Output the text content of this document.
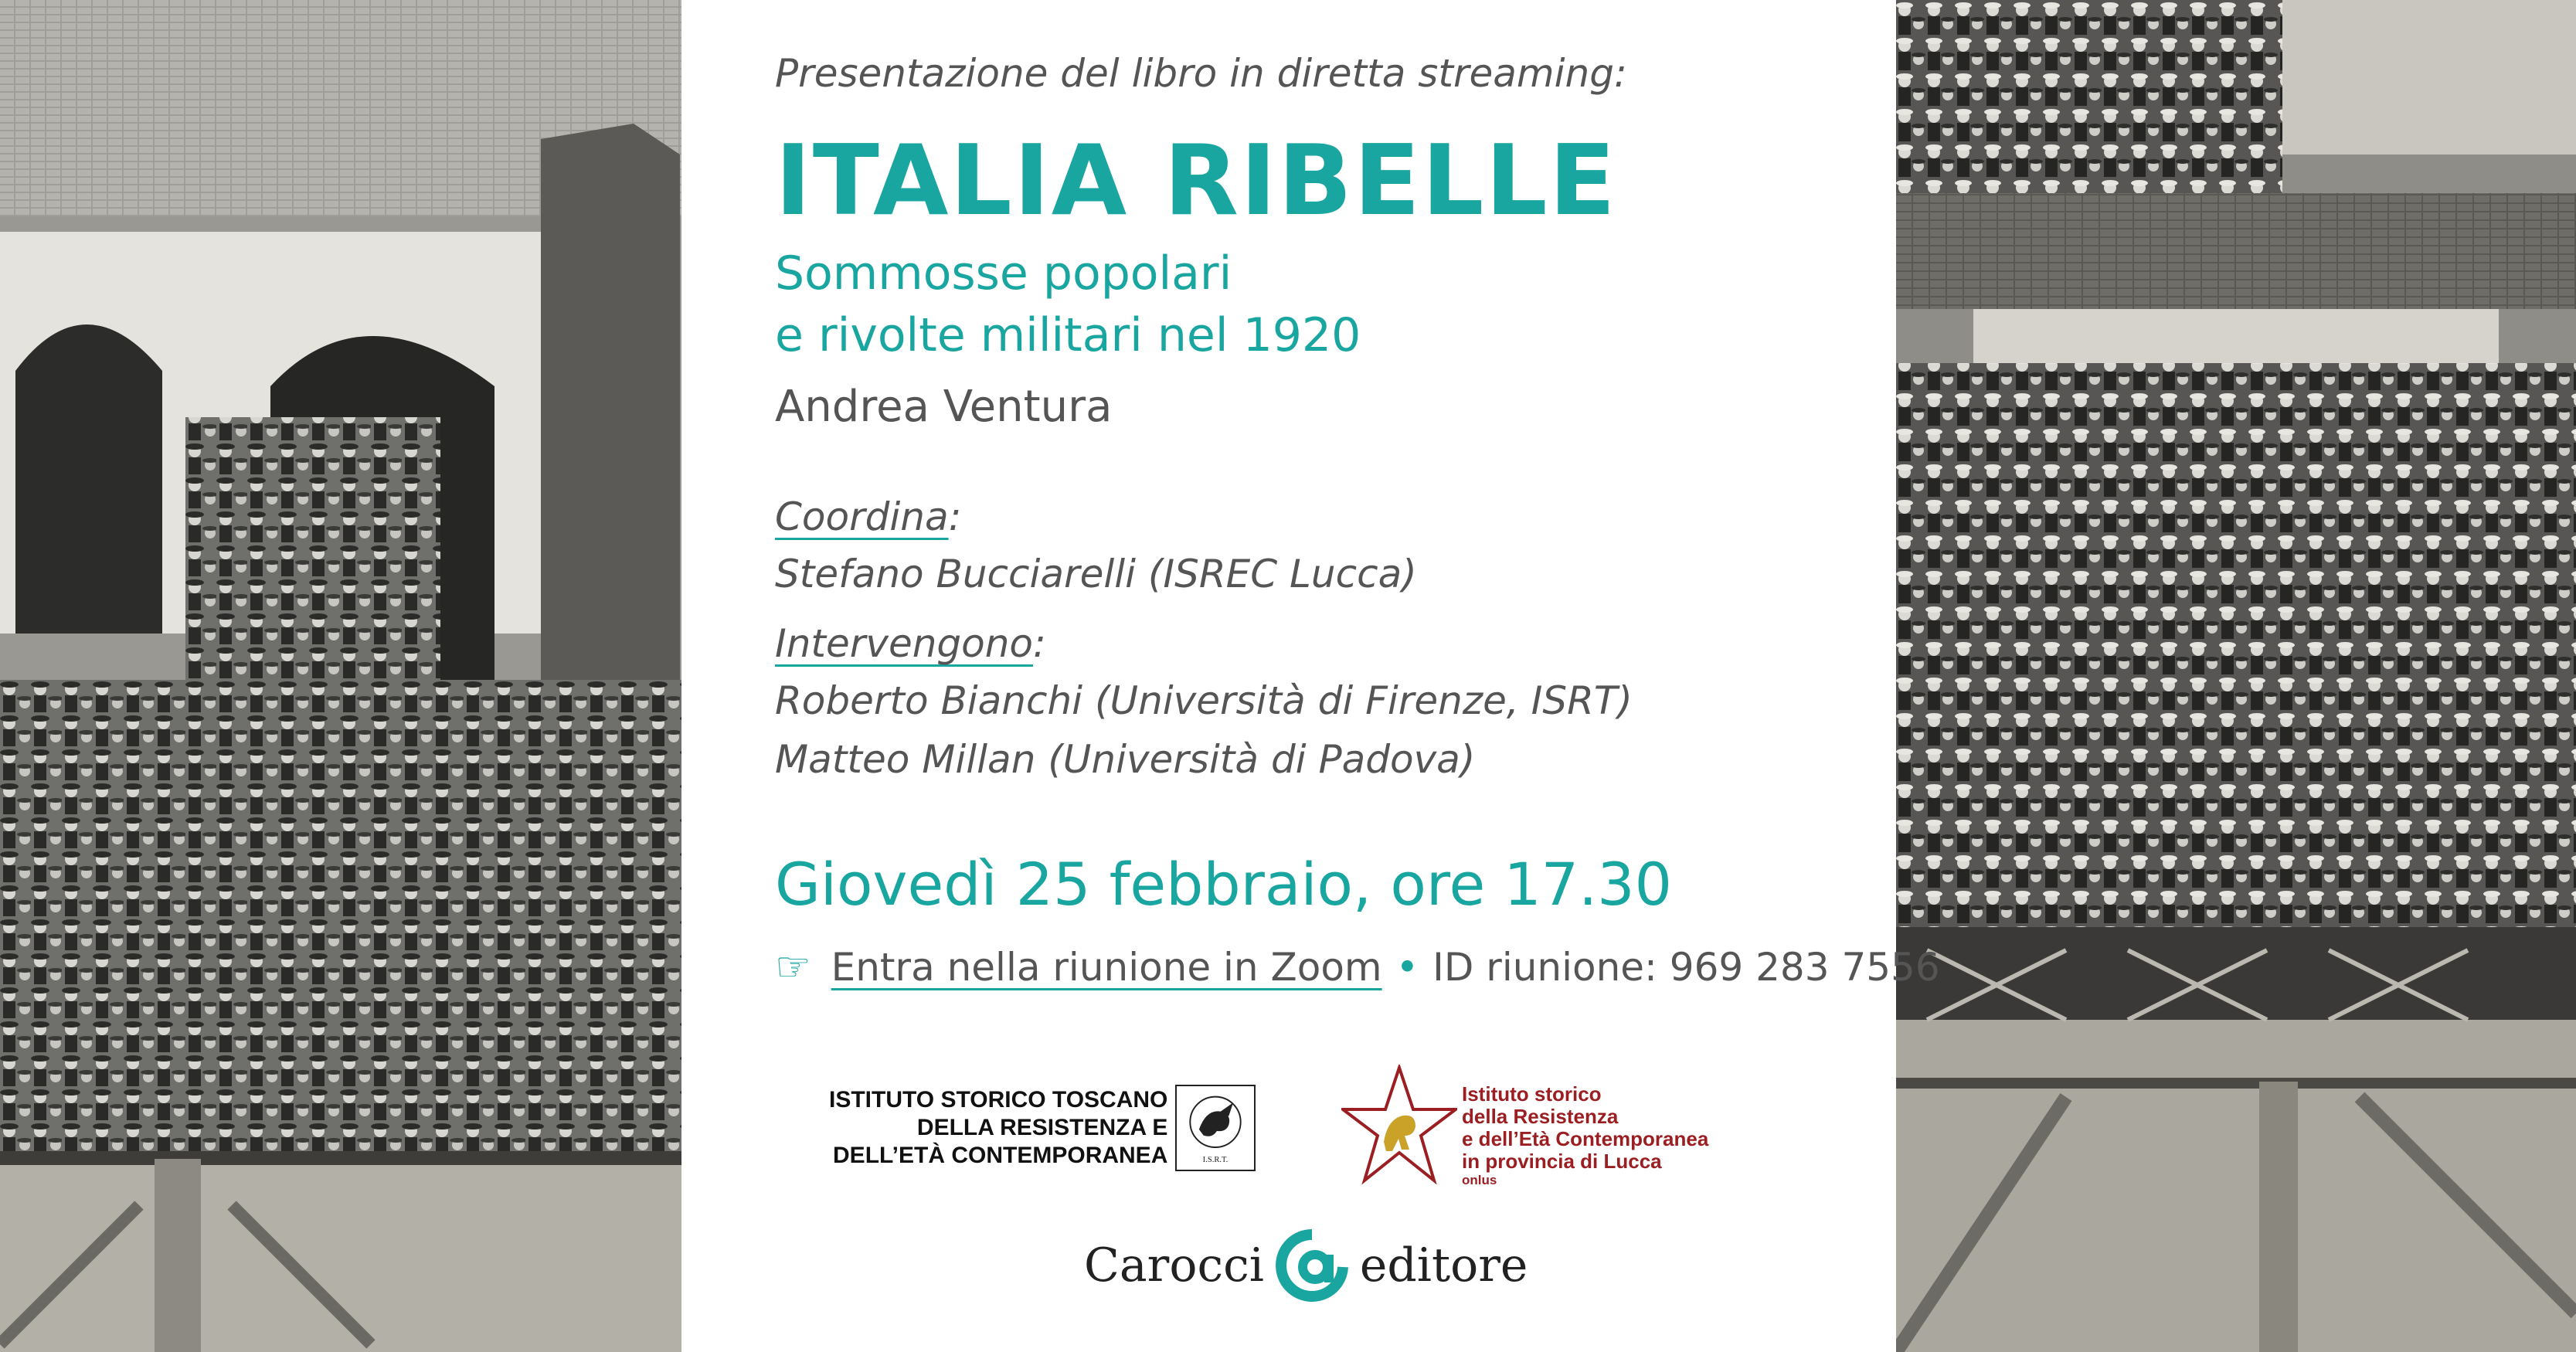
Presentazione del libro in diretta streaming:
ITALIA RIBELLE
Sommosse popolari
e rivolte militari nel 1920
Andrea Ventura
Coordina:
Stefano Bucciarelli (ISREC Lucca)
Intervengono:
Roberto Bianchi (Università di Firenze, ISRT)
Matteo Millan (Università di Padova)
Giovedì 25 febbraio, ore 17.30
☞ Entra nella riunione in Zoom • ID riunione: 969 283 7556
ISTITUTO STORICO TOSCANO
DELLA RESISTENZA E
DELL’ETÀ CONTEMPORANEA	I.S.R.T.
Istituto storico
della Resistenza
e dell’Età Contemporanea
in provincia di Lucca
onlus
Carocci editore
